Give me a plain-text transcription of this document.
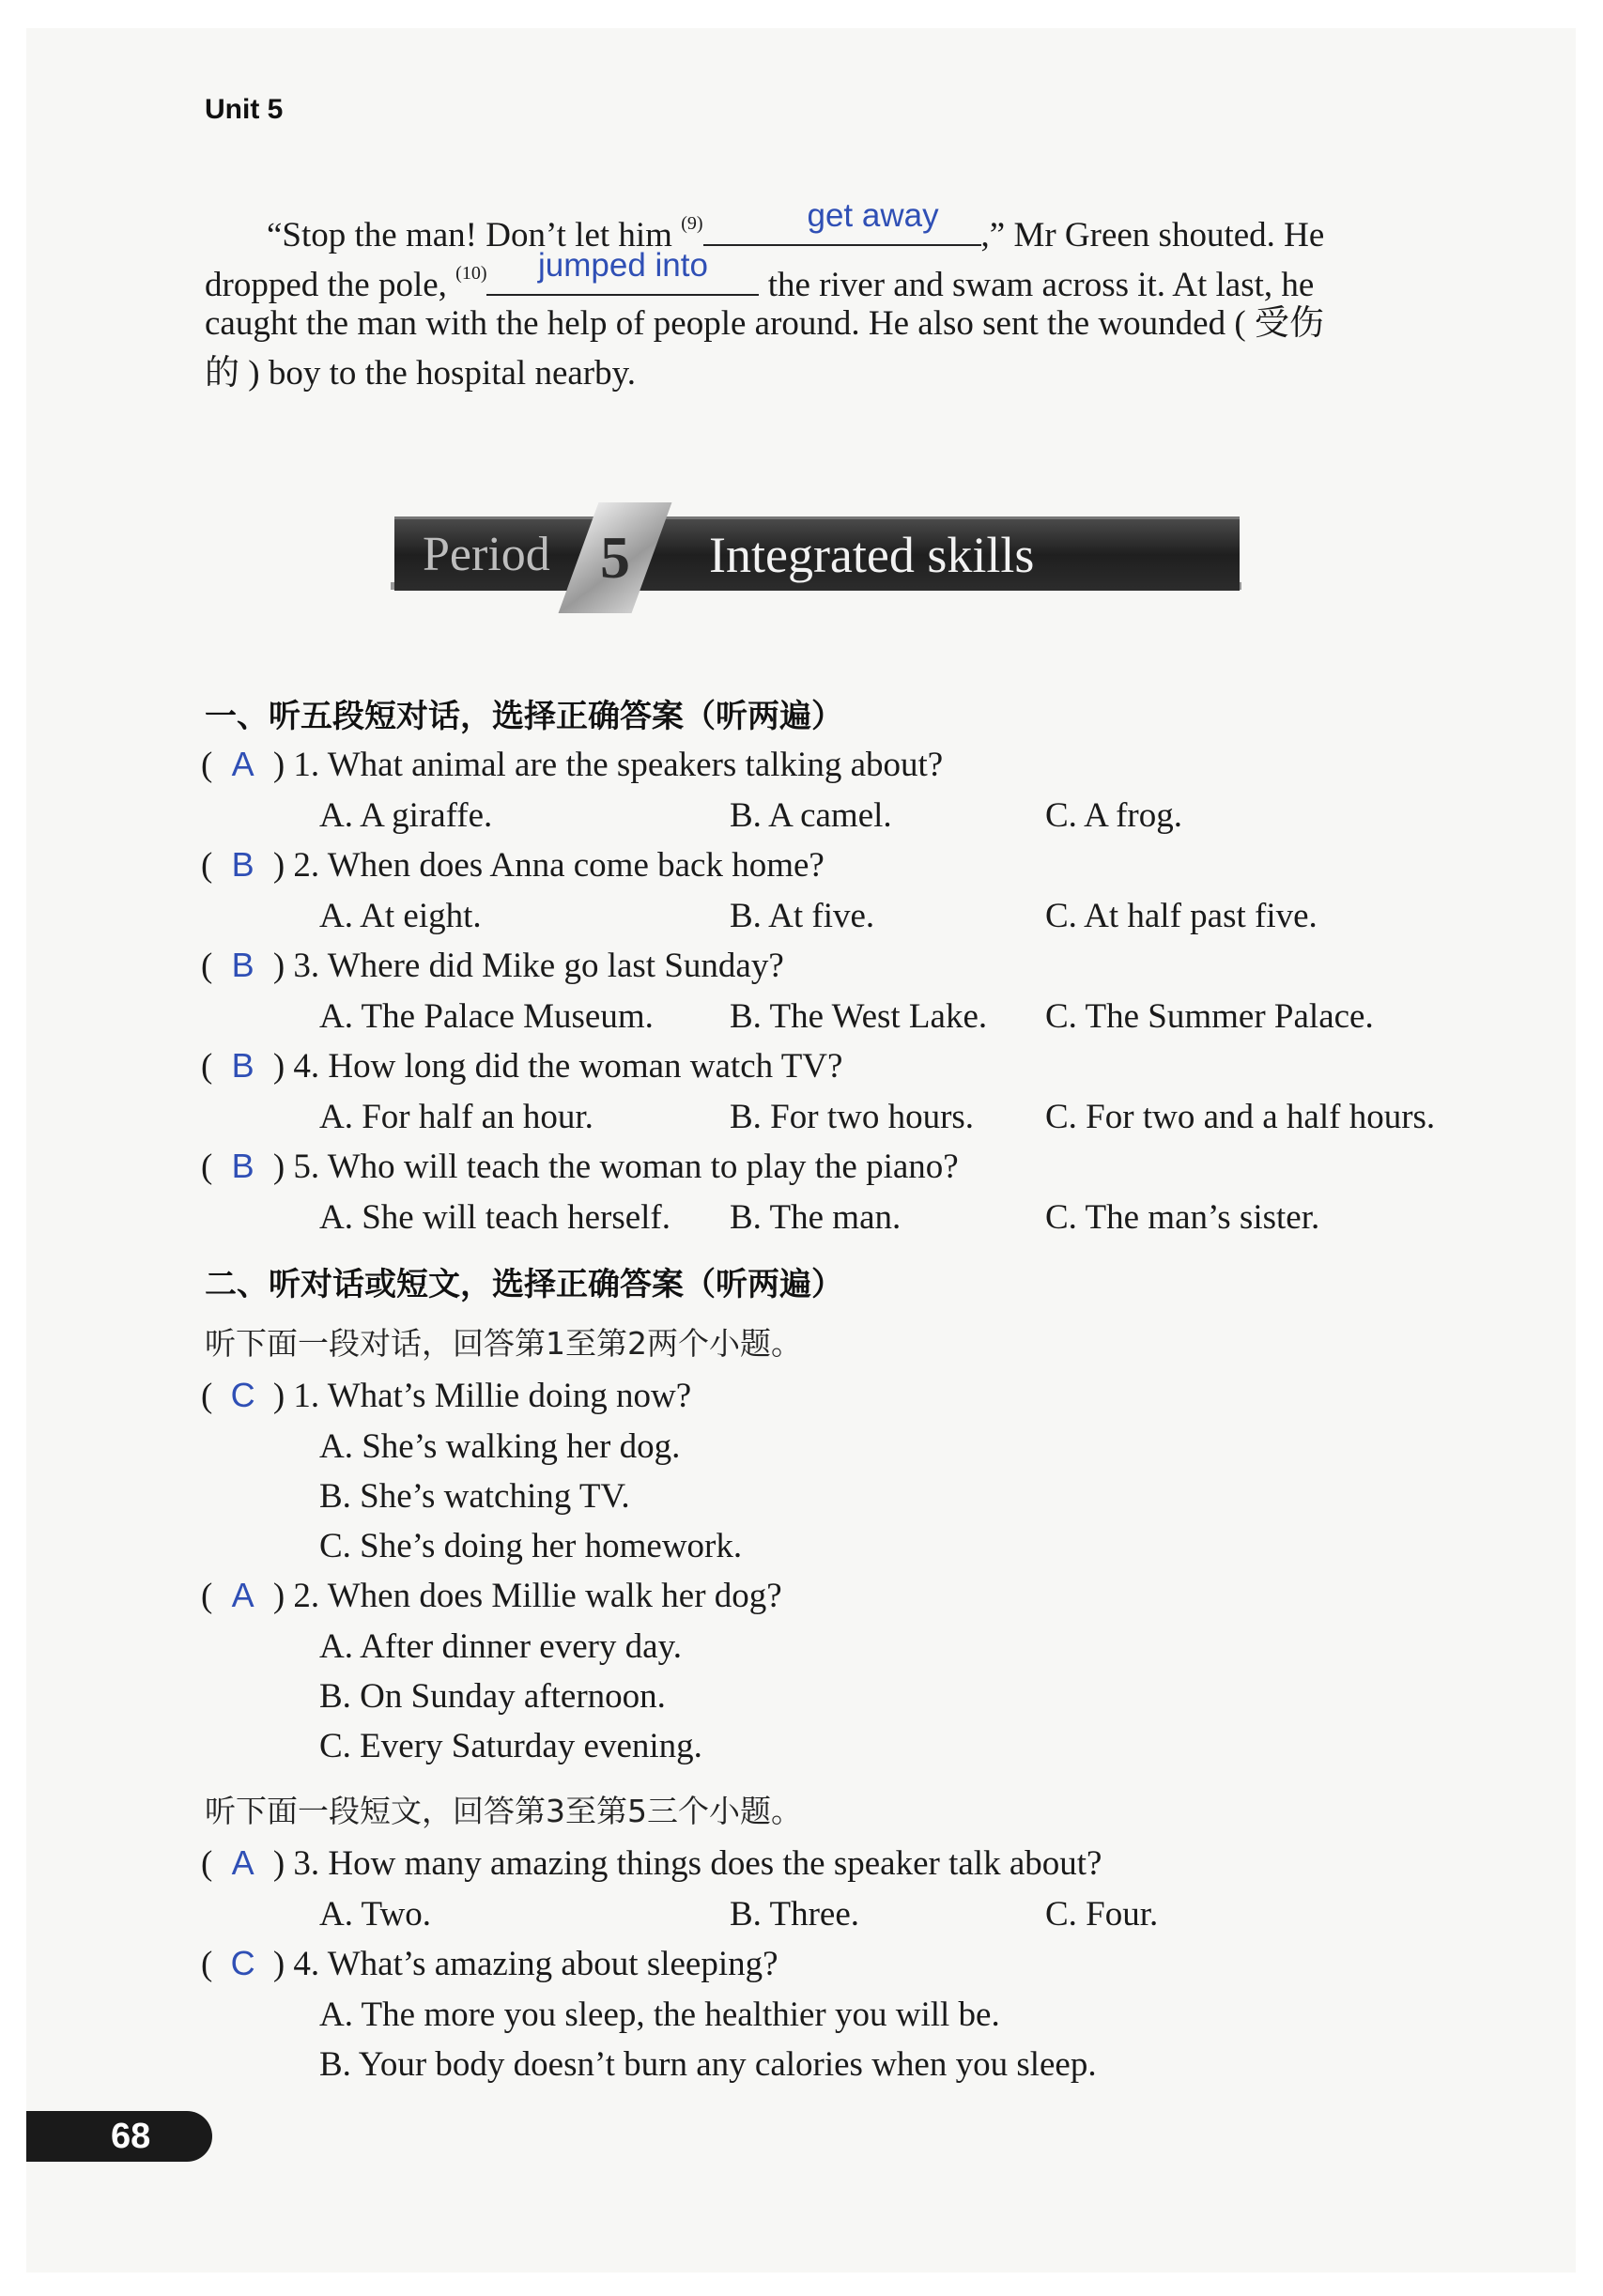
Unit 5
“Stop the man! Don’t let him $^{(9)}$	get away
,” Mr Green shouted. He
dropped the pole, $^{(10)}$	jumped into
the river and swam across it. At last, he
caught the man with the help of people around. He also sent the wounded ( 受伤
的 ) boy to the hospital nearby.
Period 5	Integrated skills
一、听五段短对话，选择正确答案（听两遍）
( A ) 1. What animal are the speakers talking about?
A. A giraffe.	B. A camel.	C. A frog.
( B ) 2. When does Anna come back home?
A. At eight.	B. At five.	C. At half past five.
( B ) 3. Where did Mike go last Sunday?
A. The Palace Museum. B. The West Lake. C. The Summer Palace.
( B ) 4. How long did the woman watch TV?
A. For half an hour.	B. For two hours. C. For two and a half hours.
( B ) 5. Who will teach the woman to play the piano?
A. She will teach herself. B. The man.	C. The man’s sister.
二、听对话或短文，选择正确答案（听两遍）
听下面一段对话，回答第1至第2两个小题。
( C ) 1. What’s Millie doing now?
A. She’s walking her dog.
B. She’s watching TV.
C. She’s doing her homework.
( A ) 2. When does Millie walk her dog?
A. After dinner every day.
B. On Sunday afternoon.
C. Every Saturday evening.
听下面一段短文，回答第3至第5三个小题。
( A ) 3. How many amazing things does the speaker talk about?
A. Two.	B. Three.	C. Four.
( C ) 4. What’s amazing about sleeping?
A. The more you sleep, the healthier you will be.
B. Your body doesn’t burn any calories when you sleep.
68
